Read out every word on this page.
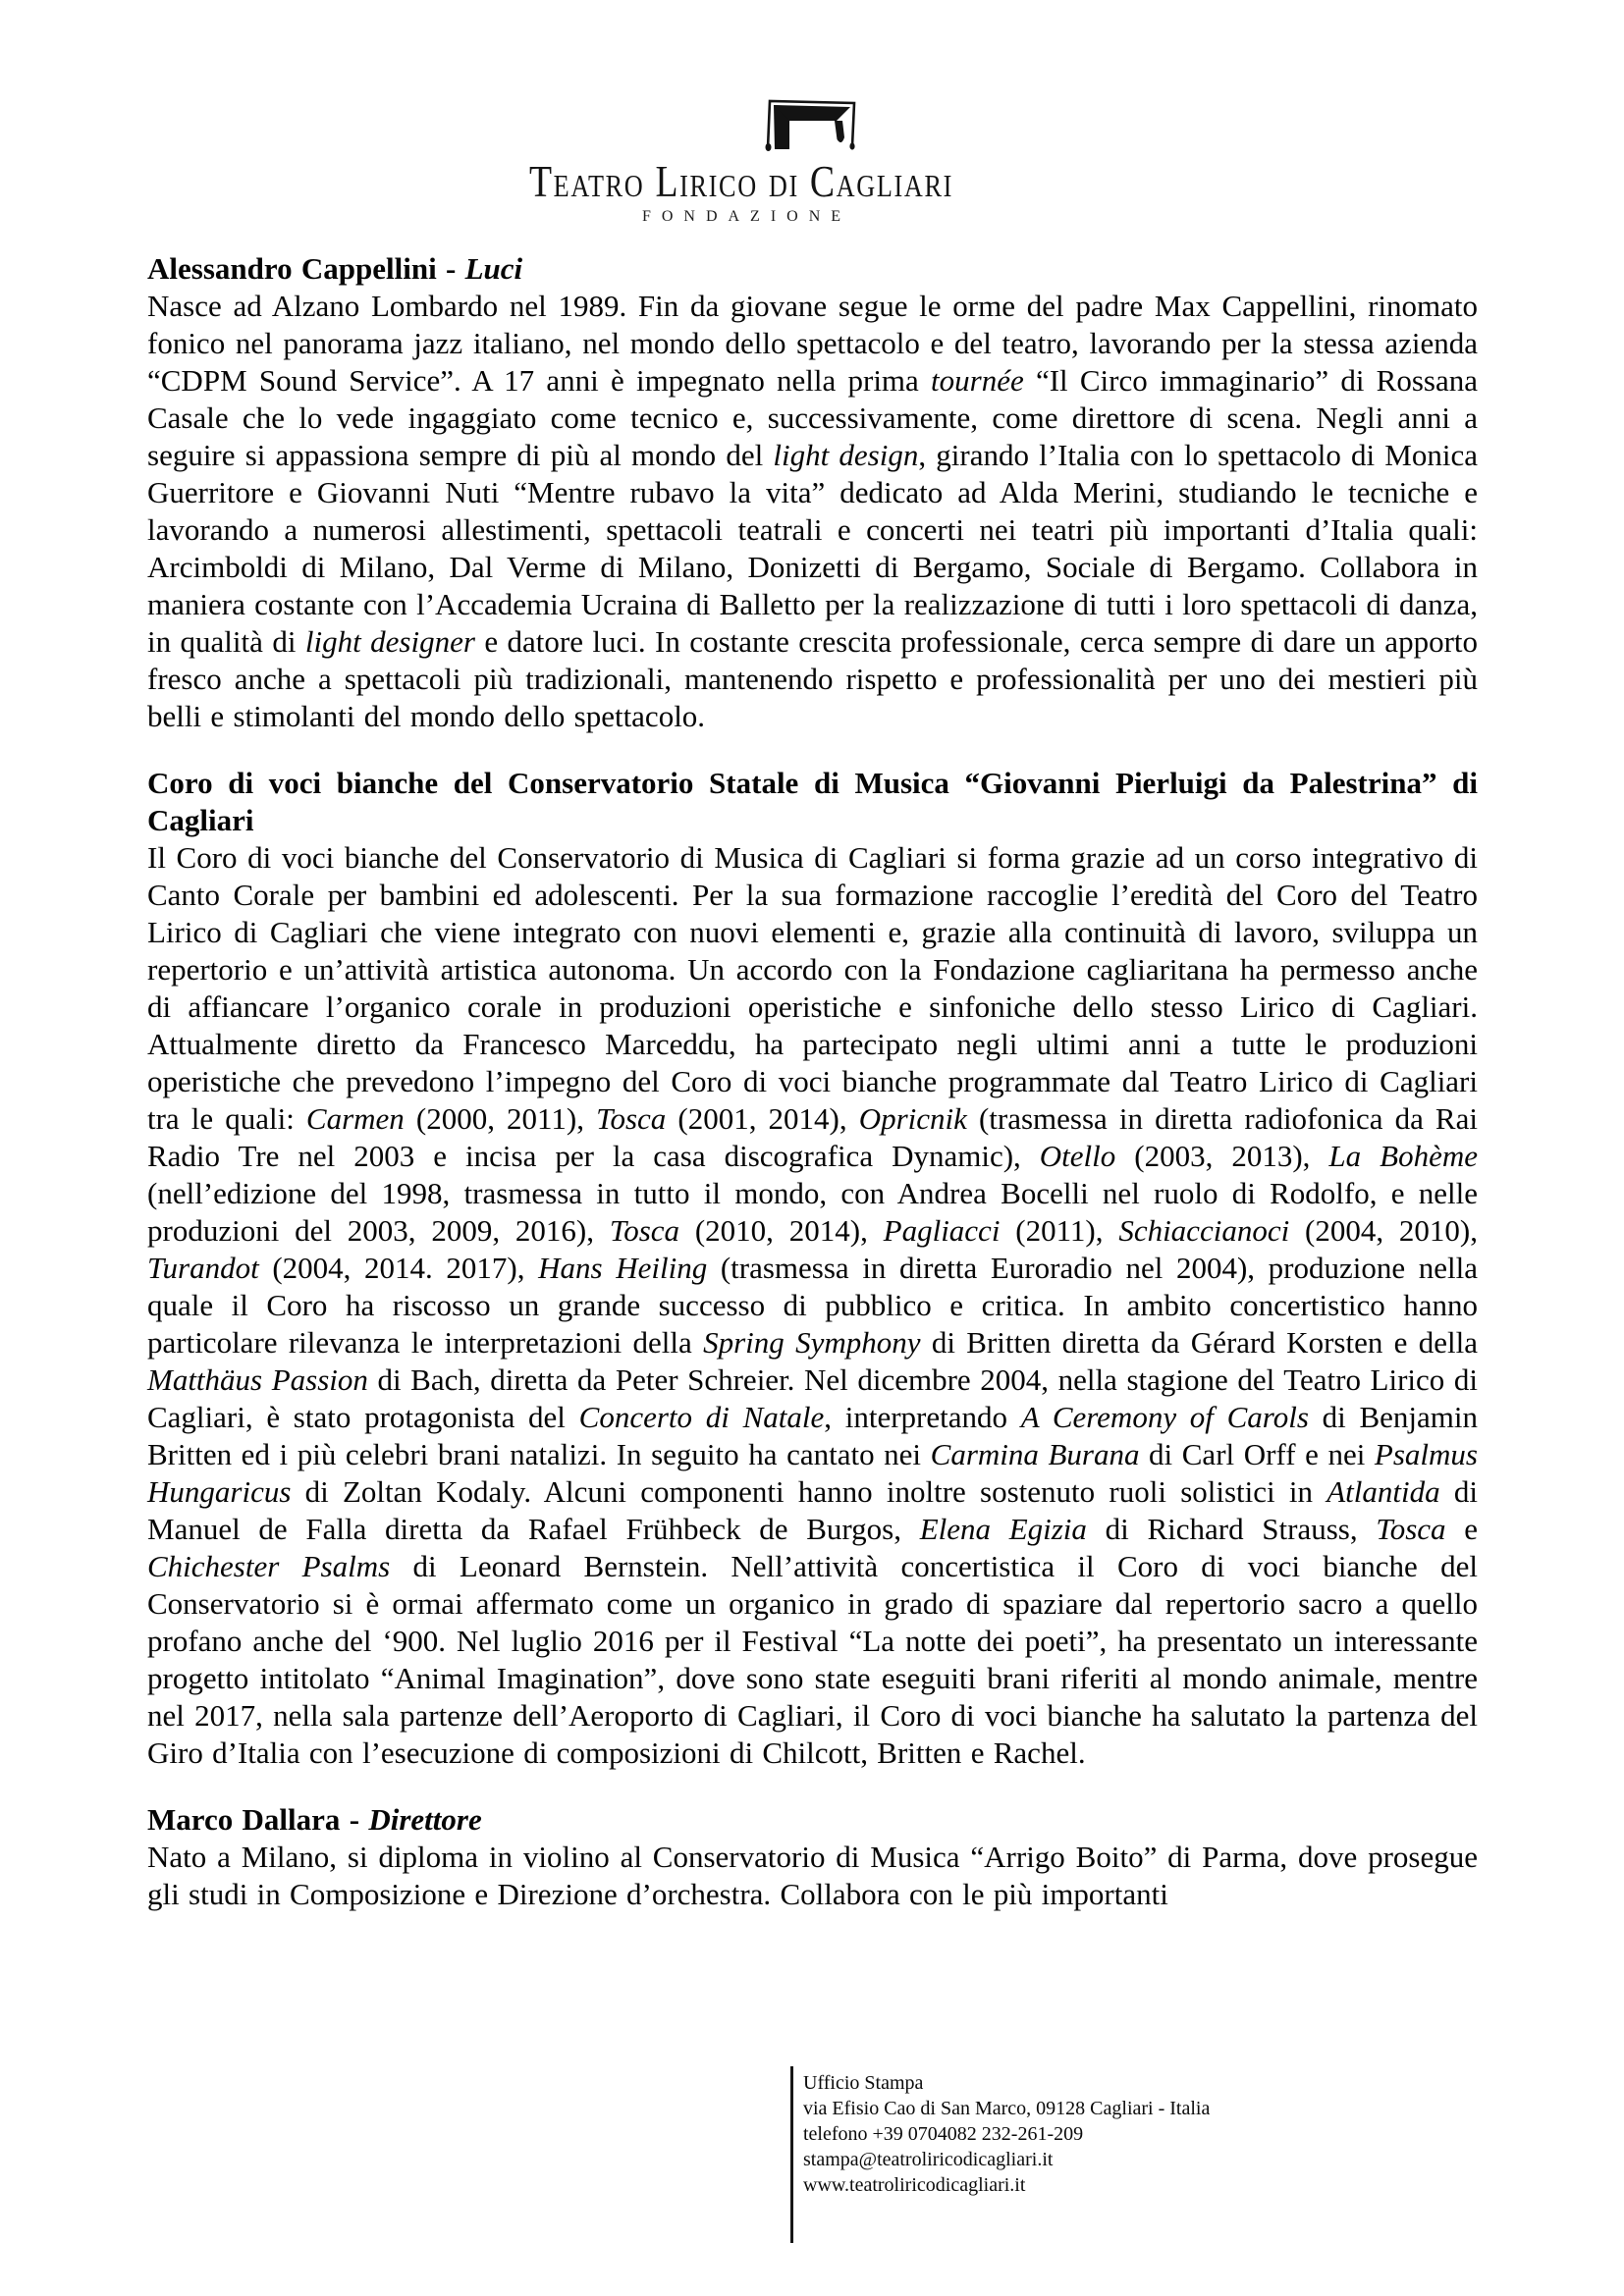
Teatro Lirico di Cagliari
FONDAZIONE
Alessandro Cappellini - Luci

Nasce ad Alzano Lombardo nel 1989. Fin da giovane segue le orme del padre Max Cappellini, rinomato fonico nel panorama jazz italiano, nel mondo dello spettacolo e del teatro, lavorando per la stessa azienda “CDPM Sound Service”. A 17 anni è impegnato nella prima tournée “Il Circo immaginario” di Rossana Casale che lo vede ingaggiato come tecnico e, successivamente, come direttore di scena. Negli anni a seguire si appassiona sempre di più al mondo del light design, girando l’Italia con lo spettacolo di Monica Guerritore e Giovanni Nuti “Mentre rubavo la vita” dedicato ad Alda Merini, studiando le tecniche e lavorando a numerosi allestimenti, spettacoli teatrali e concerti nei teatri più importanti d’Italia quali: Arcimboldi di Milano, Dal Verme di Milano, Donizetti di Bergamo, Sociale di Bergamo. Collabora in maniera costante con l’Accademia Ucraina di Balletto per la realizzazione di tutti i loro spettacoli di danza, in qualità di light designer e datore luci. In costante crescita professionale, cerca sempre di dare un apporto fresco anche a spettacoli più tradizionali, mantenendo rispetto e professionalità per uno dei mestieri più belli e stimolanti del mondo dello spettacolo.

Coro di voci bianche del Conservatorio Statale di Musica “Giovanni Pierluigi da Palestrina” di Cagliari

Il Coro di voci bianche del Conservatorio di Musica di Cagliari si forma grazie ad un corso integrativo di Canto Corale per bambini ed adolescenti. Per la sua formazione raccoglie l’eredità del Coro del Teatro Lirico di Cagliari che viene integrato con nuovi elementi e, grazie alla continuità di lavoro, sviluppa un repertorio e un’attività artistica autonoma. Un accordo con la Fondazione cagliaritana ha permesso anche di affiancare l’organico corale in produzioni operistiche e sinfoniche dello stesso Lirico di Cagliari. Attualmente diretto da Francesco Marceddu, ha partecipato negli ultimi anni a tutte le produzioni operistiche che prevedono l’impegno del Coro di voci bianche programmate dal Teatro Lirico di Cagliari tra le quali: Carmen (2000, 2011), Tosca (2001, 2014), Opricnik (trasmessa in diretta radiofonica da Rai Radio Tre nel 2003 e incisa per la casa discografica Dynamic), Otello (2003, 2013), La Bohème (nell’edizione del 1998, trasmessa in tutto il mondo, con Andrea Bocelli nel ruolo di Rodolfo, e nelle produzioni del 2003, 2009, 2016), Tosca (2010, 2014), Pagliacci (2011), Schiaccianoci (2004, 2010), Turandot (2004, 2014. 2017), Hans Heiling (trasmessa in diretta Euroradio nel 2004), produzione nella quale il Coro ha riscosso un grande successo di pubblico e critica. In ambito concertistico hanno particolare rilevanza le interpretazioni della Spring Symphony di Britten diretta da Gérard Korsten e della Matthäus Passion di Bach, diretta da Peter Schreier. Nel dicembre 2004, nella stagione del Teatro Lirico di Cagliari, è stato protagonista del Concerto di Natale, interpretando A Ceremony of Carols di Benjamin Britten ed i più celebri brani natalizi. In seguito ha cantato nei Carmina Burana di Carl Orff e nei Psalmus Hungaricus di Zoltan Kodaly. Alcuni componenti hanno inoltre sostenuto ruoli solistici in Atlantida di Manuel de Falla diretta da Rafael Frühbeck de Burgos, Elena Egizia di Richard Strauss, Tosca e Chichester Psalms di Leonard Bernstein. Nell’attività concertistica il Coro di voci bianche del Conservatorio si è ormai affermato come un organico in grado di spaziare dal repertorio sacro a quello profano anche del ‘900. Nel luglio 2016 per il Festival “La notte dei poeti”, ha presentato un interessante progetto intitolato “Animal Imagination”, dove sono state eseguiti brani riferiti al mondo animale, mentre nel 2017, nella sala partenze dell’Aeroporto di Cagliari, il Coro di voci bianche ha salutato la partenza del Giro d’Italia con l’esecuzione di composizioni di Chilcott, Britten e Rachel.

Marco Dallara - Direttore

Nato a Milano, si diploma in violino al Conservatorio di Musica “Arrigo Boito” di Parma, dove prosegue gli studi in Composizione e Direzione d’orchestra. Collabora con le più importanti

Ufficio Stampa
via Efisio Cao di San Marco, 09128 Cagliari - Italia
telefono +39 0704082 232-261-209
stampa@teatroliricodicagliari.it
www.teatroliricodicagliari.it
